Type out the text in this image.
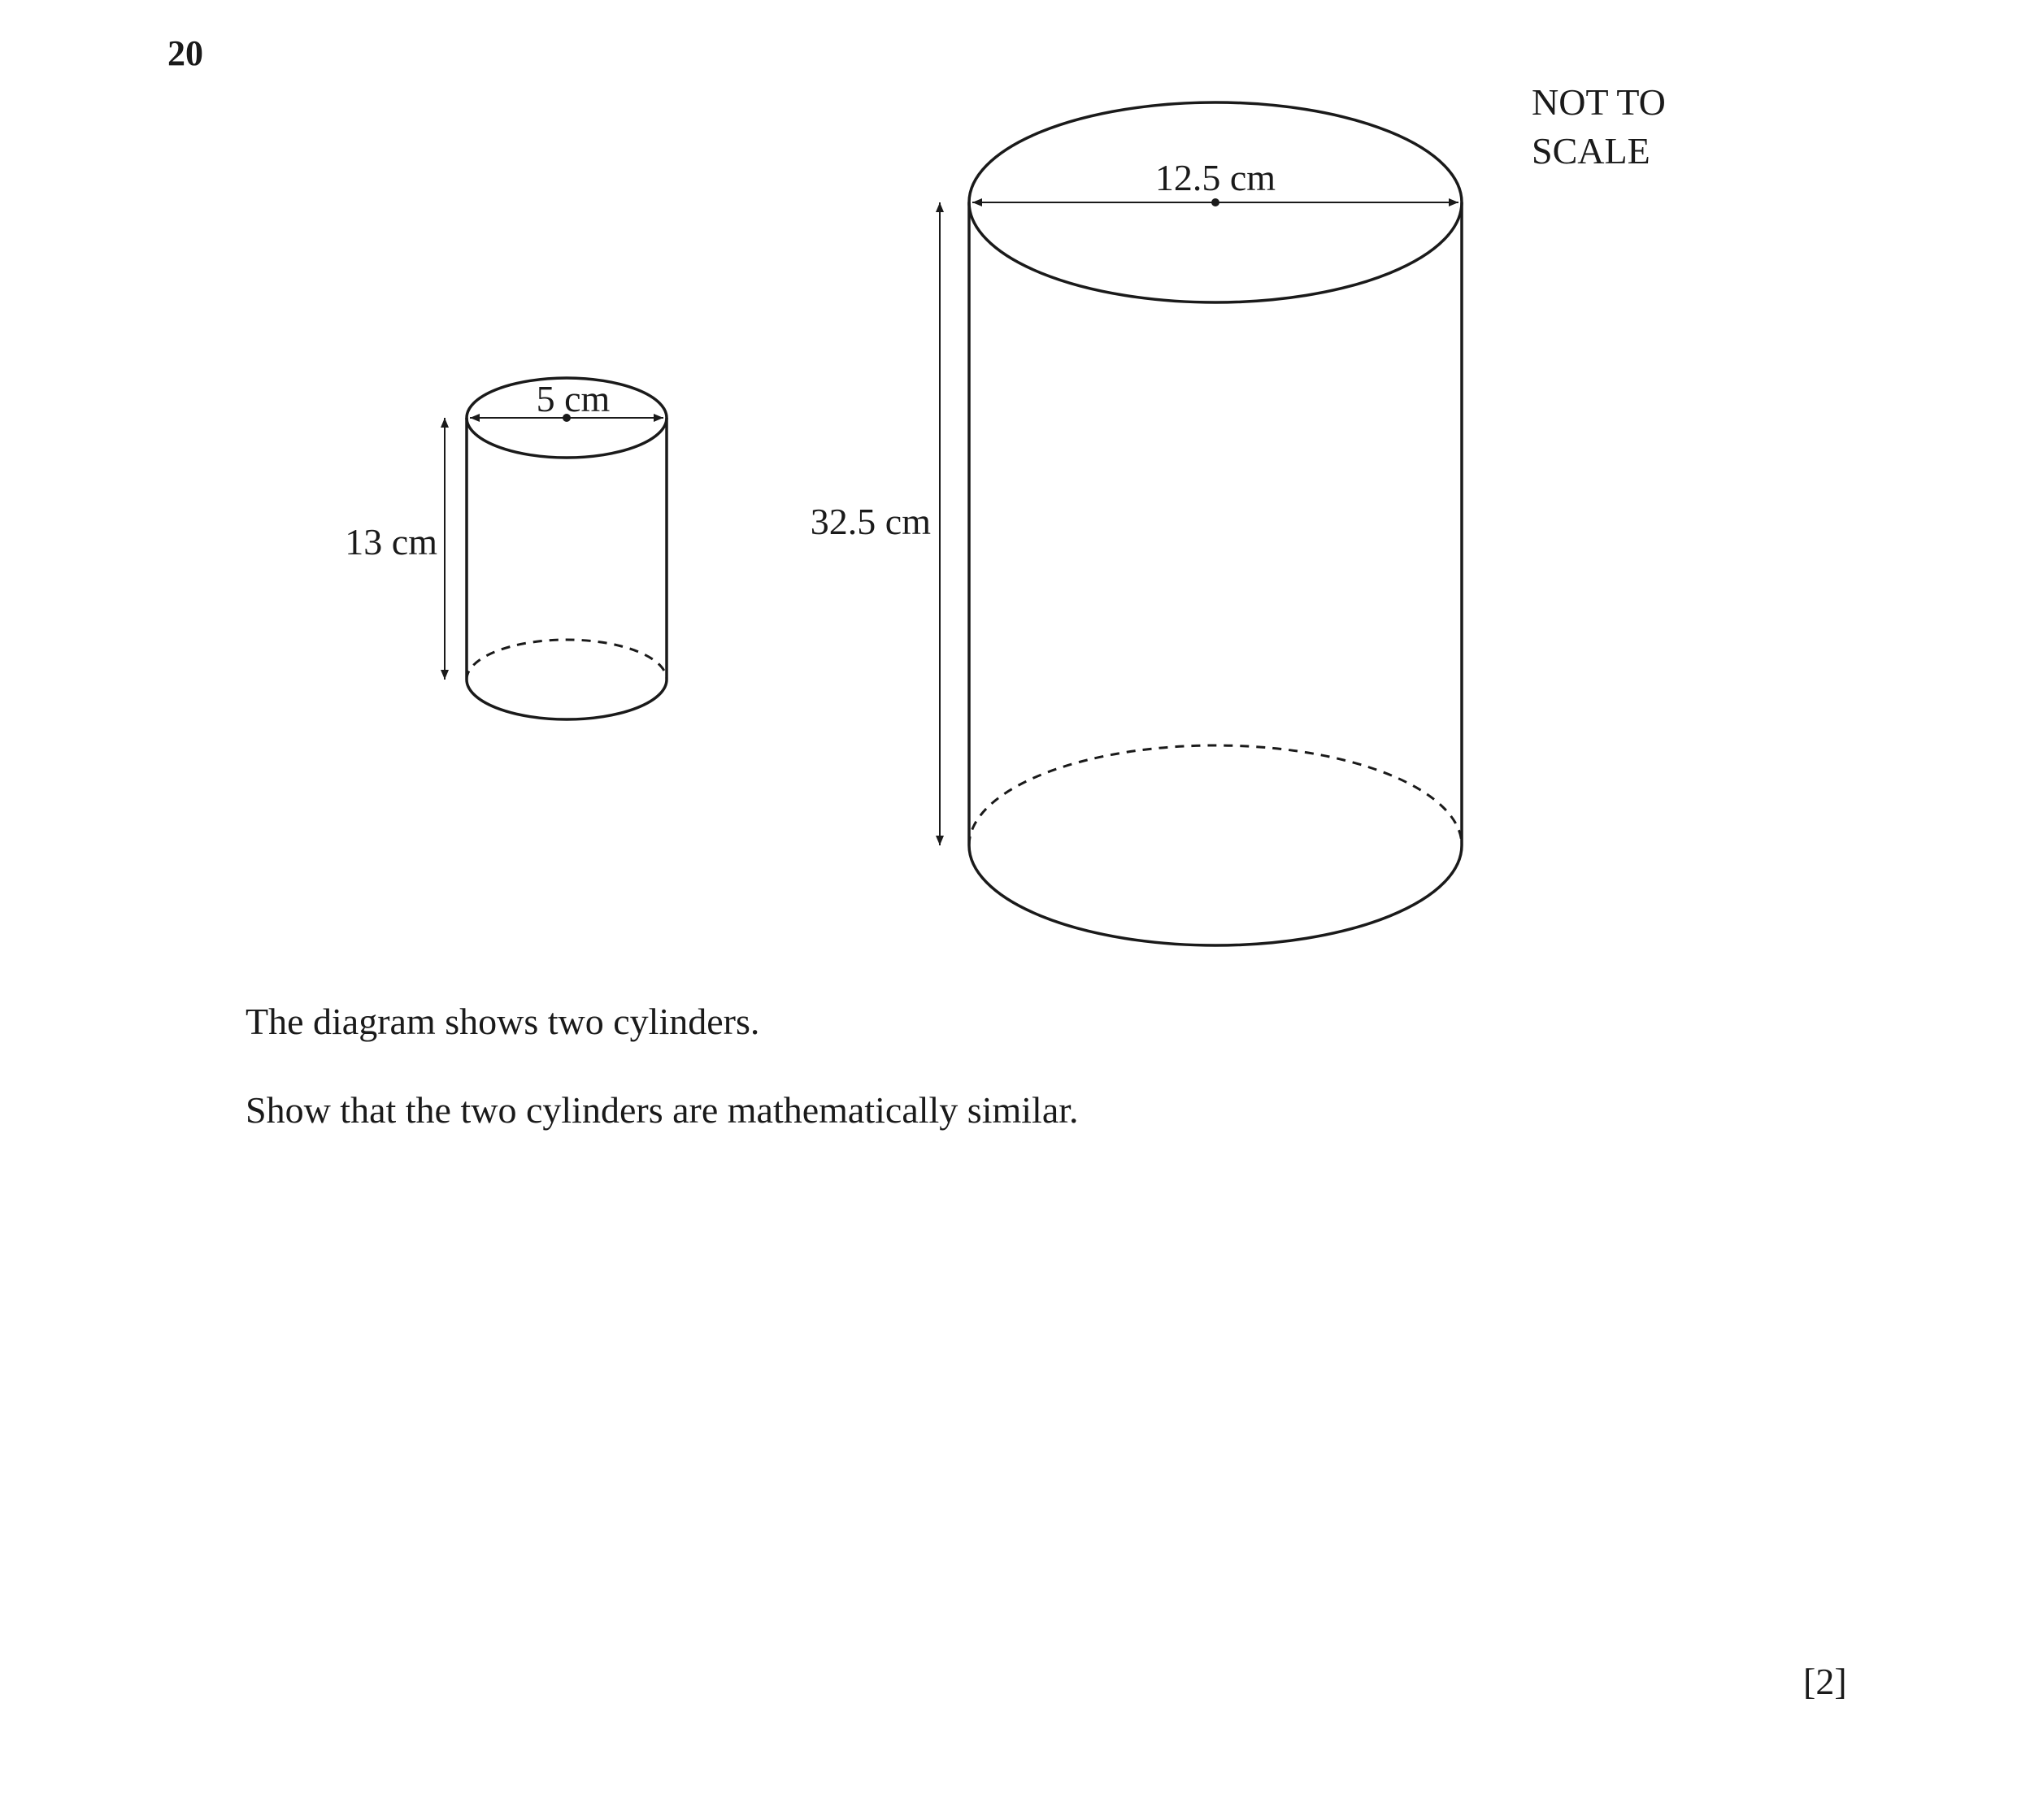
20
NOT TO
SCALE
5 cm
13 cm
12.5 cm
32.5 cm
The diagram shows two cylinders.
Show that the two cylinders are mathematically similar.
[2]
